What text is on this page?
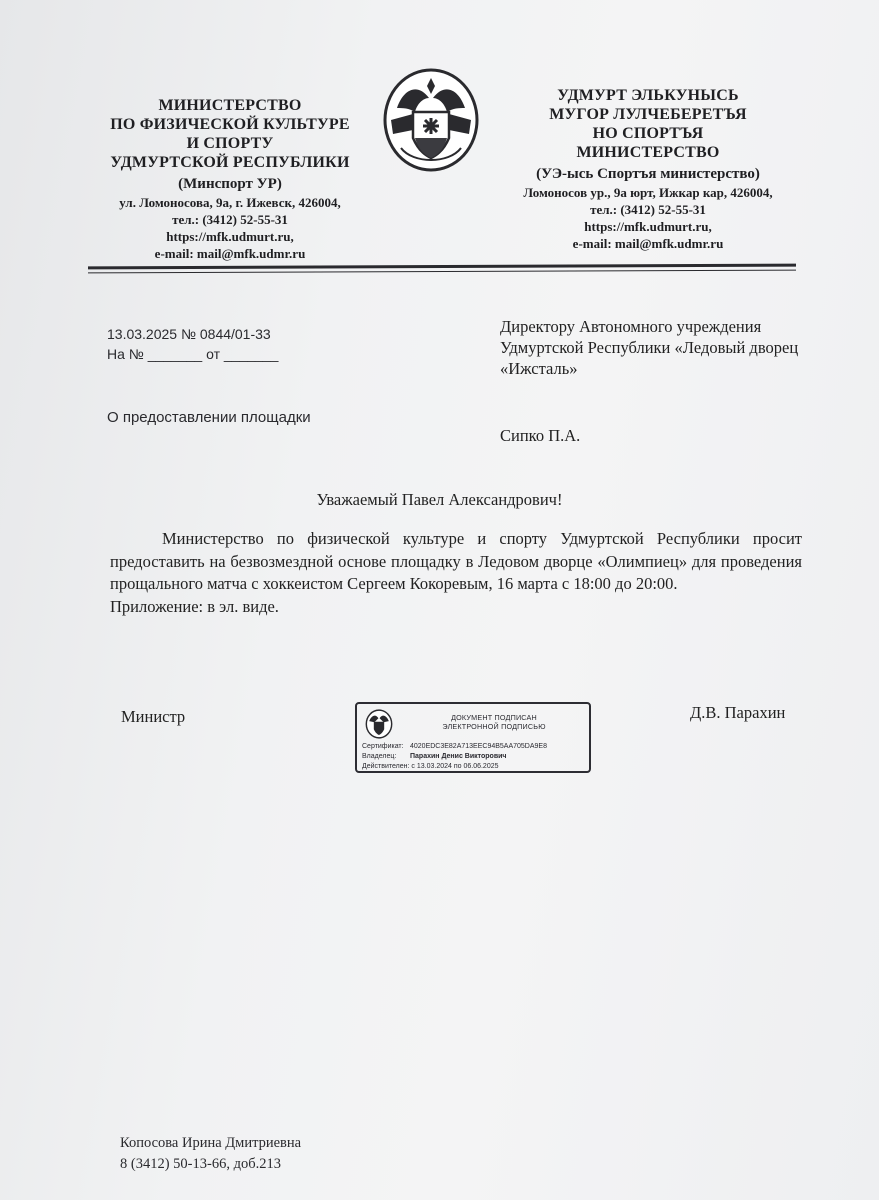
МИНИСТЕРСТВО
ПО ФИЗИЧЕСКОЙ КУЛЬТУРЕ
И СПОРТУ
УДМУРТСКОЙ РЕСПУБЛИКИ
(Минспорт УР)
ул. Ломоносова, 9а, г. Ижевск, 426004,
тел.: (3412) 52-55-31
https://mfk.udmurt.ru,
e-mail: mail@mfk.udmr.ru
УДМУРТ ЭЛЬКУНЫСЬ
МУГОР ЛУЛЧЕБЕРЕТЪЯ
НО СПОРТЪЯ
МИНИСТЕРСТВО
(УЭ-ысь Спортъя министерство)
Ломоносов ур., 9а юрт, Ижкар кар, 426004,
тел.: (3412) 52-55-31
https://mfk.udmurt.ru,
e-mail: mail@mfk.udmr.ru
13.03.2025 № 0844/01-33
На № _______ от _______
О предоставлении площадки
Директору Автономного учреждения Удмуртской Республики «Ледовый дворец «Ижсталь»
Сипко П.А.
Уважаемый Павел Александрович!
Министерство по физической культуре и спорту Удмуртской Республики просит предоставить на безвозмездной основе площадку в Ледовом дворце «Олимпиец» для проведения прощального матча с хоккеистом Сергеем Кокоревым, 16 марта с 18:00 до 20:00.
Приложение: в эл. виде.
Министр	Д.В. Парахин
ДОКУМЕНТ ПОДПИСАН
ЭЛЕКТРОННОЙ ПОДПИСЬЮ
Сертификат: 4020EDC3E82A713EEC94B5AA705DA9E8
Владелец: Парахин Денис Викторович
Действителен: с 13.03.2024 по 06.06.2025
Копосова Ирина Дмитриевна
8 (3412) 50-13-66, доб.213
